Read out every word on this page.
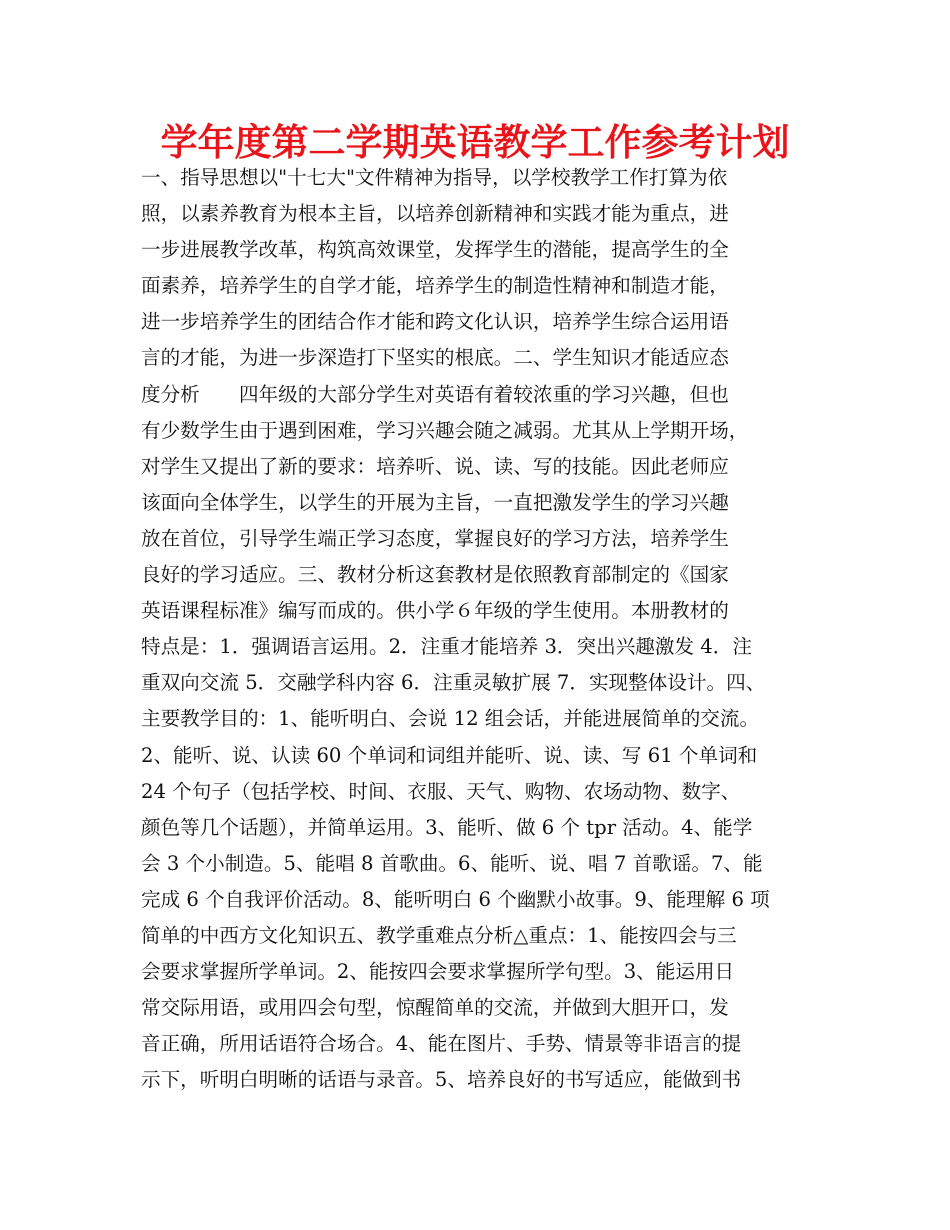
学年度第二学期英语教学工作参考计划
一、指导思想以"十七大"文件精神为指导，以学校教学工作打算为依
照，以素养教育为根本主旨，以培养创新精神和实践才能为重点，进
一步进展教学改革，构筑高效课堂，发挥学生的潜能，提高学生的全
面素养，培养学生的自学才能，培养学生的制造性精神和制造才能，
进一步培养学生的团结合作才能和跨文化认识，培养学生综合运用语
言的才能，为进一步深造打下坚实的根底。二、学生知识才能适应态
度分析　　四年级的大部分学生对英语有着较浓重的学习兴趣，但也
有少数学生由于遇到困难，学习兴趣会随之减弱。尤其从上学期开场，
对学生又提出了新的要求：培养听、说、读、写的技能。因此老师应
该面向全体学生，以学生的开展为主旨，一直把激发学生的学习兴趣
放在首位，引导学生端正学习态度，掌握良好的学习方法，培养学生
良好的学习适应。三、教材分析这套教材是依照教育部制定的《国家
英语课程标准》编写而成的。供小学６年级的学生使用。本册教材的
特点是：1．强调语言运用。2．注重才能培养 3．突出兴趣激发 4．注
重双向交流 5．交融学科内容 6．注重灵敏扩展 7．实现整体设计。四、
主要教学目的：1、能听明白、会说 12 组会话，并能进展简单的交流。
2、能听、说、认读 60 个单词和词组并能听、说、读、写 61 个单词和
24 个句子（包括学校、时间、衣服、天气、购物、农场动物、数字、
颜色等几个话题），并简单运用。3、能听、做 6 个 tpr 活动。4、能学
会 3 个小制造。5、能唱 8 首歌曲。6、能听、说、唱 7 首歌谣。7、能
完成 6 个自我评价活动。8、能听明白 6 个幽默小故事。9、能理解 6 项
简单的中西方文化知识五、教学重难点分析△重点：1、能按四会与三
会要求掌握所学单词。2、能按四会要求掌握所学句型。3、能运用日
常交际用语，或用四会句型，惊醒简单的交流，并做到大胆开口，发
音正确，所用话语符合场合。4、能在图片、手势、情景等非语言的提
示下，听明白明晰的话语与录音。5、培养良好的书写适应，能做到书
